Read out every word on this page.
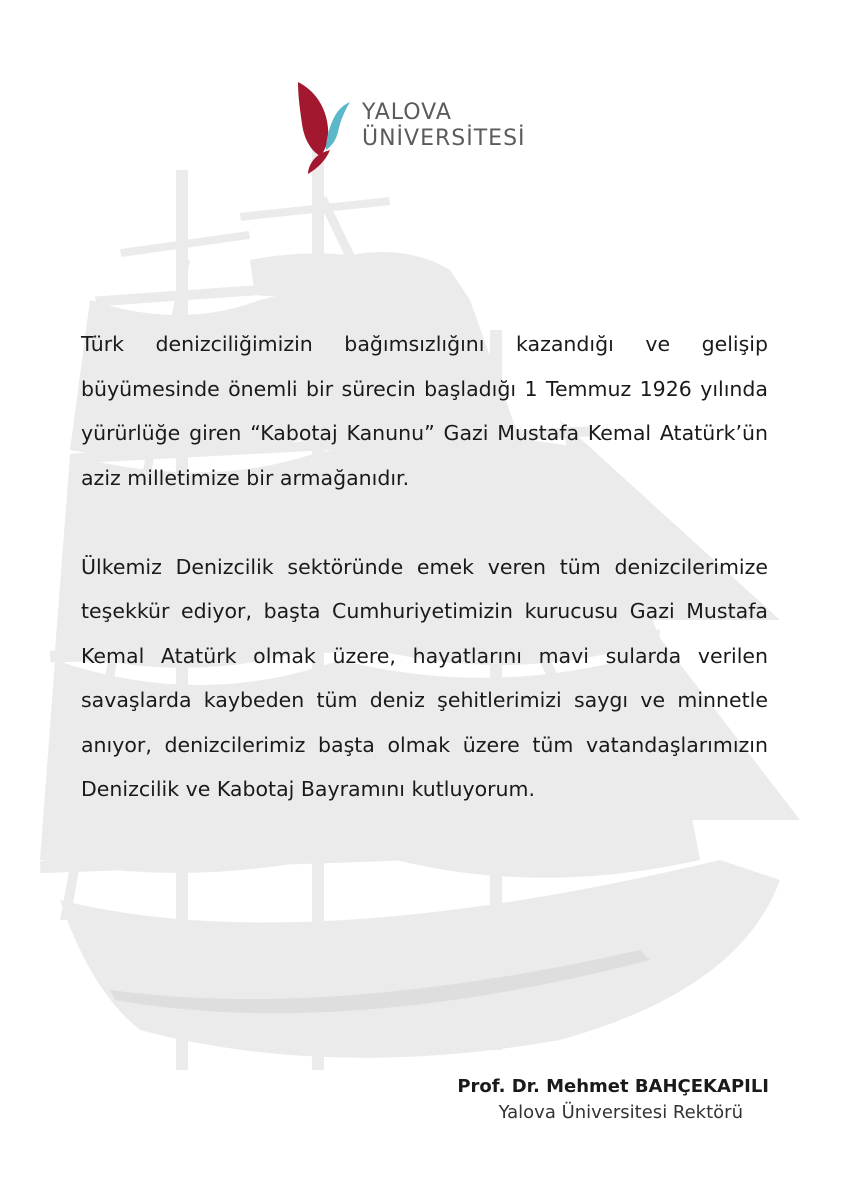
YALOVA
ÜNİVERSİTESİ

Türk denizciliğimizin bağımsızlığını kazandığı ve gelişip büyümesinde önemli bir sürecin başladığı 1 Temmuz 1926 yılında yürürlüğe giren “Kabotaj Kanunu” Gazi Mustafa Kemal Atatürk’ün aziz milletimize bir armağanıdır.

Ülkemiz Denizcilik sektöründe emek veren tüm denizcilerimize teşekkür ediyor, başta Cumhuriyetimizin kurucusu Gazi Mustafa Kemal Atatürk olmak üzere, hayatlarını mavi sularda verilen savaşlarda kaybeden tüm deniz şehitlerimizi saygı ve minnetle anıyor, denizcilerimiz başta olmak üzere tüm vatandaşlarımızın Denizcilik ve Kabotaj Bayramını kutluyorum.

Prof. Dr. Mehmet BAHÇEKAPILI
Yalova Üniversitesi Rektörü
